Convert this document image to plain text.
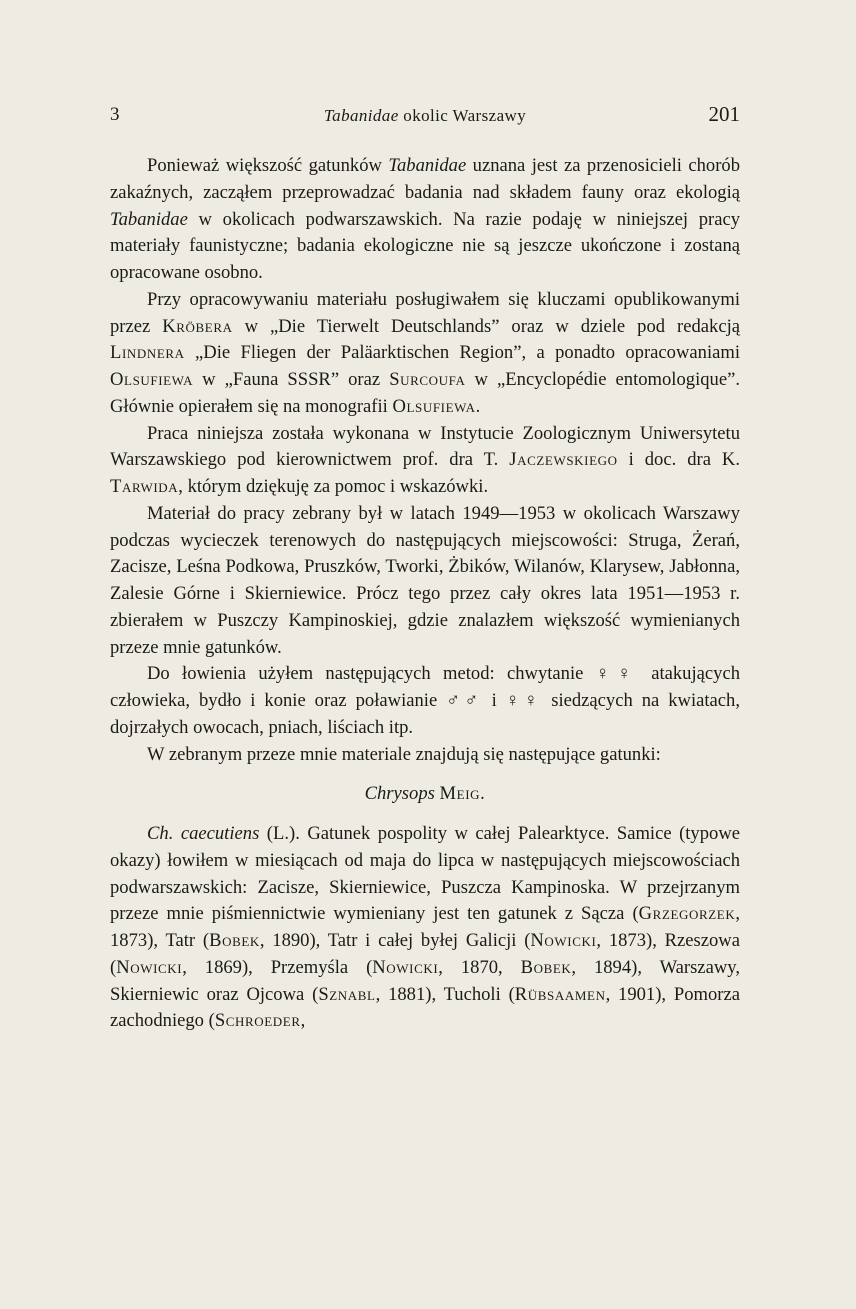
3	Tabanidae okolic Warszawy	201

Ponieważ większość gatunków Tabanidae uznana jest za przenosicieli chorób zakaźnych, zacząłem przeprowadzać badania nad składem fauny oraz ekologią Tabanidae w okolicach podwarszawskich. Na razie podaję w niniejszej pracy materiały faunistyczne; badania ekologiczne nie są jeszcze ukończone i zostaną opracowane osobno.

Przy opracowywaniu materiału posługiwałem się kluczami opublikowanymi przez Kröbera w „Die Tierwelt Deutschlands” oraz w dziele pod redakcją Lindnera „Die Fliegen der Paläarktischen Region”, a ponadto opracowaniami Olsufiewa w „Fauna SSSR” oraz Surcoufa w „Encyclopédie entomologique”. Głównie opierałem się na monografii Olsufiewa.

Praca niniejsza została wykonana w Instytucie Zoologicznym Uniwersytetu Warszawskiego pod kierownictwem prof. dra T. Jaczewskiego i doc. dra K. Tarwida, którym dziękuję za pomoc i wskazówki.

Materiał do pracy zebrany był w latach 1949—1953 w okolicach Warszawy podczas wycieczek terenowych do następujących miejscowości: Struga, Żerań, Zacisze, Leśna Podkowa, Pruszków, Tworki, Żbików, Wilanów, Klarysew, Jabłonna, Zalesie Górne i Skierniewice. Prócz tego przez cały okres lata 1951—1953 r. zbierałem w Puszczy Kampinoskiej, gdzie znalazłem większość wymienianych przeze mnie gatunków.

Do łowienia użyłem następujących metod: chwytanie ♀♀ atakujących człowieka, bydło i konie oraz poławianie ♂♂ i ♀♀ siedzących na kwiatach, dojrzałych owocach, pniach, liściach itp.

W zebranym przeze mnie materiale znajdują się następujące gatunki:

Chrysops Meig.

Ch. caecutiens (L.). Gatunek pospolity w całej Palearktyce. Samice (typowe okazy) łowiłem w miesiącach od maja do lipca w następujących miejscowościach podwarszawskich: Zacisze, Skierniewice, Puszcza Kampinoska. W przejrzanym przeze mnie piśmiennictwie wymieniany jest ten gatunek z Sącza (Grzegorzek, 1873), Tatr (Bobek, 1890), Tatr i całej byłej Galicji (Nowicki, 1873), Rzeszowa (Nowicki, 1869), Przemyśla (Nowicki, 1870, Bobek, 1894), Warszawy, Skierniewic oraz Ojcowa (Sznabl, 1881), Tucholi (Rübsaamen, 1901), Pomorza zachodniego (Schroeder,
